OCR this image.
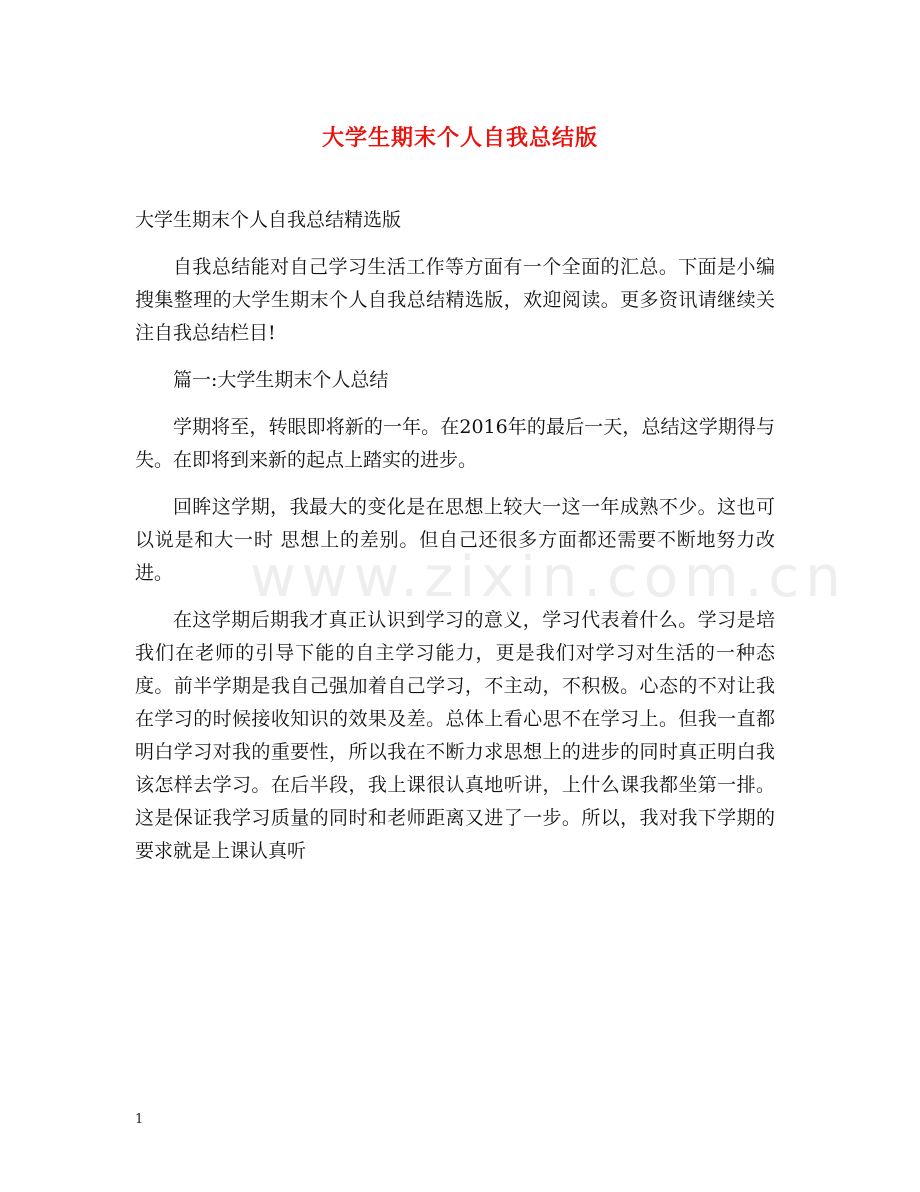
大学生期末个人自我总结版
www.zixin.com.cn

大学生期末个人自我总结精选版

自我总结能对自己学习生活工作等方面有一个全面的汇总。下面是小编搜集整理的大学生期末个人自我总结精选版，欢迎阅读。更多资讯请继续关注自我总结栏目!

篇一:大学生期末个人总结

学期将至，转眼即将新的一年。在2016年的最后一天，总结这学期得与失。在即将到来新的起点上踏实的进步。

回眸这学期，我最大的变化是在思想上较大一这一年成熟不少。这也可以说是和大一时 思想上的差别。但自己还很多方面都还需要不断地努力改进。

在这学期后期我才真正认识到学习的意义，学习代表着什么。学习是培我们在老师的引导下能的自主学习能力，更是我们对学习对生活的一种态度。前半学期是我自己强加着自己学习，不主动，不积极。心态的不对让我在学习的时候接收知识的效果及差。总体上看心思不在学习上。但我一直都明白学习对我的重要性，所以我在不断力求思想上的进步的同时真正明白我该怎样去学习。在后半段，我上课很认真地听讲，上什么课我都坐第一排。这是保证我学习质量的同时和老师距离又进了一步。所以，我对我下学期的要求就是上课认真听

1
